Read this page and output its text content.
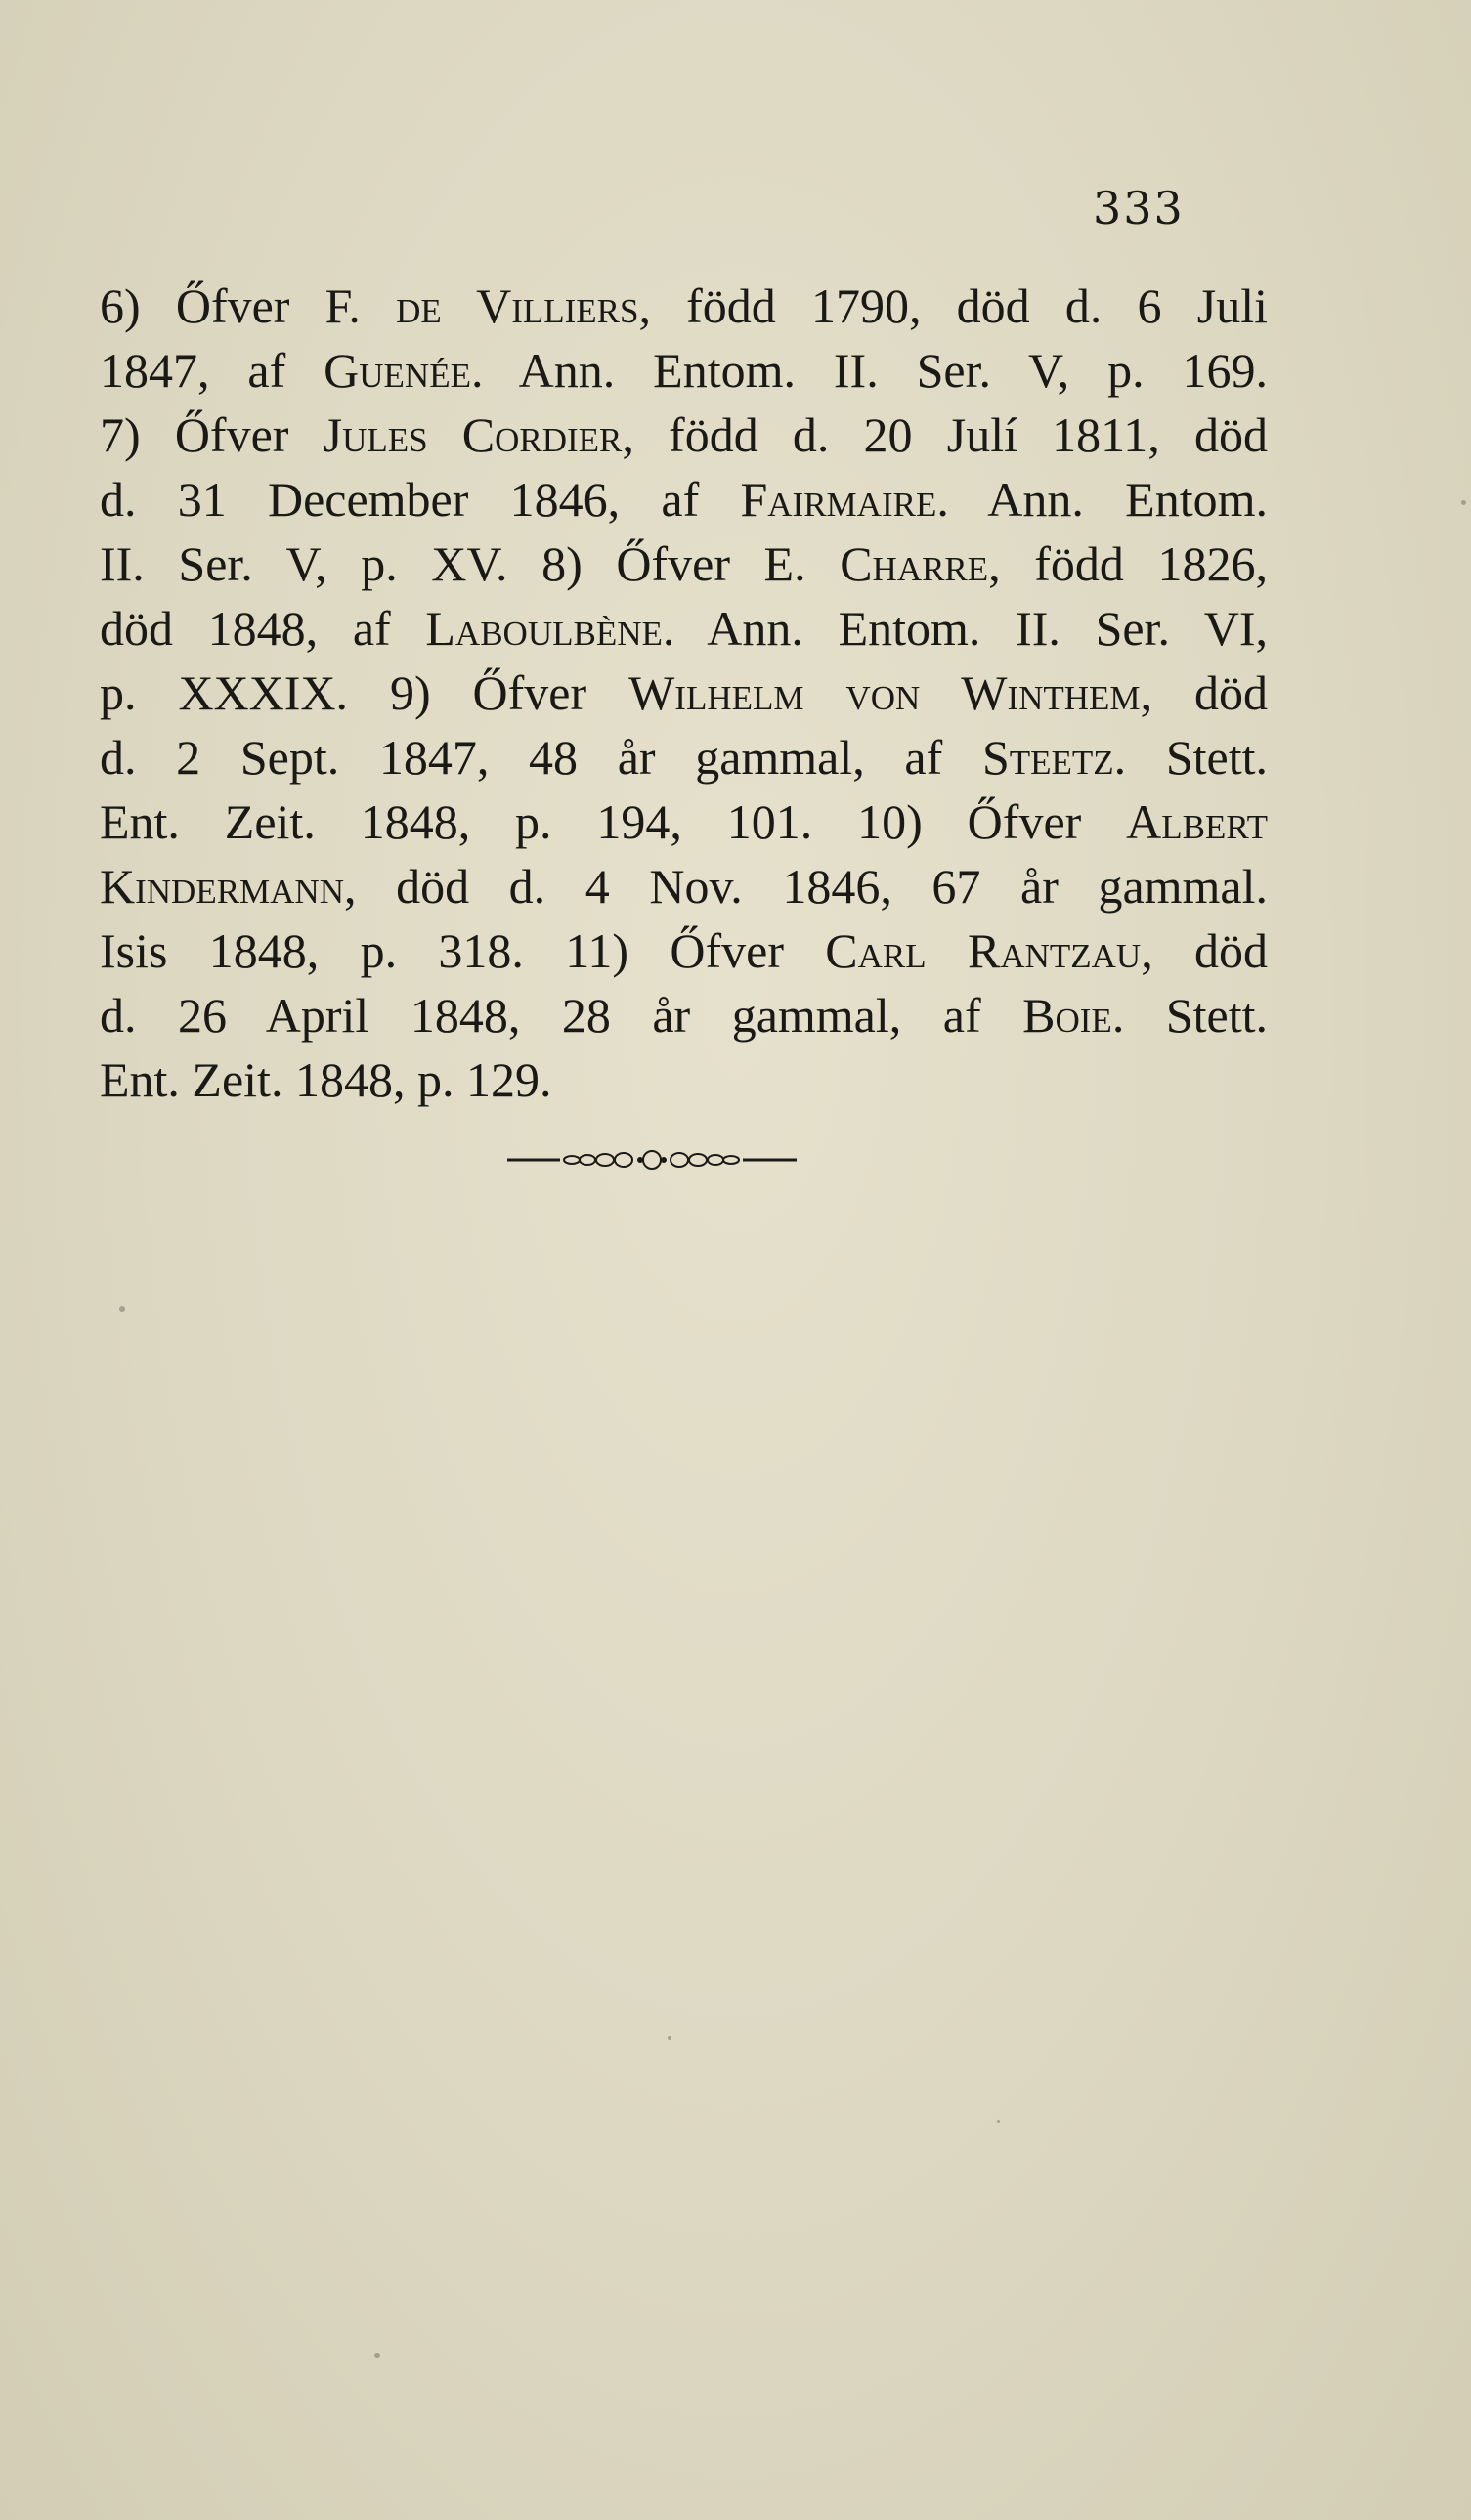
333
6) Őfver F. de Villiers, född 1790, död d. 6 Juli
1847, af Guenée. Ann. Entom. II. Ser. V, p. 169.
7) Őfver Jules Cordier, född d. 20 Julí 1811, död
d. 31 December 1846, af Fairmaire. Ann. Entom.
II. Ser. V, p. XV. 8) Őfver E. Charre, född 1826,
död 1848, af Laboulbène. Ann. Entom. II. Ser. VI,
p. XXXIX. 9) Őfver Wilhelm von Winthem, död
d. 2 Sept. 1847, 48 år gammal, af Steetz. Stett.
Ent. Zeit. 1848, p. 194, 101. 10) Őfver Albert
Kindermann, död d. 4 Nov. 1846, 67 år gammal.
Isis 1848, p. 318. 11) Őfver Carl Rantzau, död
d. 26 April 1848, 28 år gammal, af Boie. Stett.
Ent. Zeit. 1848, p. 129.
